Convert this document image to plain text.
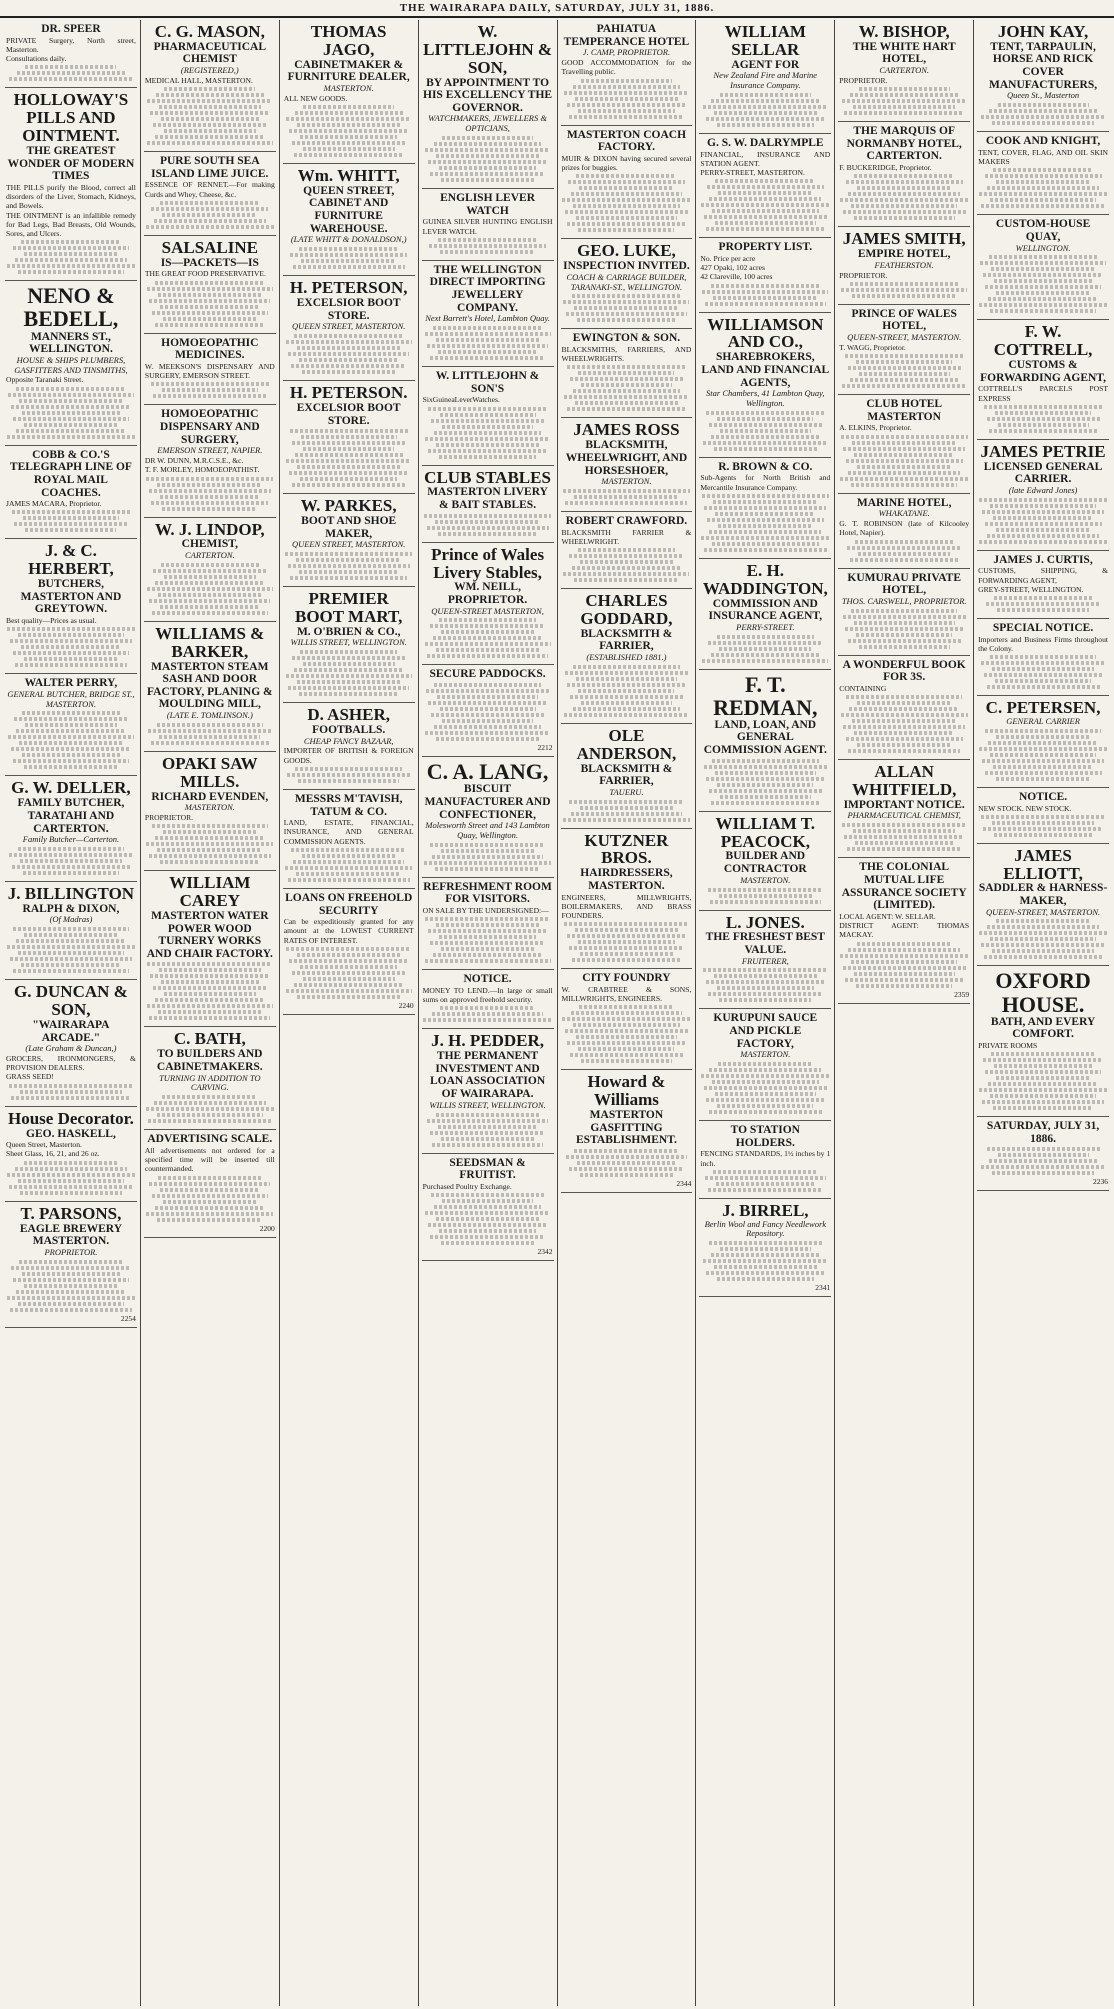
THE WAIRARAPA DAILY, SATURDAY, JULY 31, 1886.
DR. SPEER
PRIVATE Surgery, North street, Masterton.
Consultations daily.
HOLLOWAY'S PILLS AND OINTMENT.
THE GREATEST WONDER OF MODERN TIMES
THE PILLS purify the Blood, correct all disorders of the Liver, Stomach, Kidneys, and Bowels.
THE OINTMENT is an infallible remedy for Bad Legs, Bad Breasts, Old Wounds, Sores, and Ulcers.
NENO & BEDELL,
MANNERS ST., WELLINGTON.
HOUSE & SHIPS PLUMBERS, GASFITTERS AND TINSMITHS,
Opposite Taranaki Street.
COBB & CO.'S TELEGRAPH LINE OF ROYAL MAIL COACHES.
JAMES MACARA, Proprietor.
J. & C. HERBERT,
BUTCHERS, MASTERTON AND GREYTOWN.
Best quality—Prices as usual.
WALTER PERRY,
GENERAL BUTCHER, BRIDGE ST., MASTERTON.
G. W. DELLER,
FAMILY BUTCHER, TARATAHI AND CARTERTON.
Family Butcher—Carterton.
J. BILLINGTON
RALPH & DIXON,
(Of Madras)
G. DUNCAN & SON,
"WAIRARAPA ARCADE."
(Late Graham & Duncan,)
GROCERS, IRONMONGERS, & PROVISION DEALERS.
GRASS SEED!
House Decorator.
GEO. HASKELL,
Queen Street, Masterton.
Sheet Glass, 16, 21, and 26 oz.
T. PARSONS,
EAGLE BREWERY MASTERTON.
PROPRIETOR.
2254
C. G. MASON,
PHARMACEUTICAL CHEMIST
(REGISTERED,)
MEDICAL HALL, MASTERTON.
PURE SOUTH SEA ISLAND LIME JUICE.
ESSENCE OF RENNET.—For making Curds and Whey, Cheese, &c.
SALSALINE
IS—PACKETS—IS
THE GREAT FOOD PRESERVATIVE.
HOMOEOPATHIC MEDICINES.
W. MEEKSON'S DISPENSARY AND SURGERY, EMERSON STREET.
HOMOEOPATHIC DISPENSARY AND SURGERY,
EMERSON STREET, NAPIER.
DR W. DUNN, M.R.C.S.E., &c.
T. F. MORLEY, HOMOEOPATHIST.
W. J. LINDOP,
CHEMIST,
CARTERTON.
WILLIAMS & BARKER,
MASTERTON STEAM SASH AND DOOR FACTORY, PLANING & MOULDING MILL,
(LATE E. TOMLINSON.)
OPAKI SAW MILLS.
RICHARD EVENDEN,
MASTERTON.
PROPRIETOR.
WILLIAM CAREY
MASTERTON WATER POWER WOOD TURNERY WORKS AND CHAIR FACTORY.
C. BATH,
TO BUILDERS AND CABINETMAKERS.
TURNING IN ADDITION TO CARVING.
ADVERTISING SCALE.
All advertisements not ordered for a specified time will be inserted till countermanded.
2200
THOMAS JAGO,
CABINETMAKER & FURNITURE DEALER,
MASTERTON.
ALL NEW GOODS.
Wm. WHITT,
QUEEN STREET, CABINET AND FURNITURE WAREHOUSE.
(LATE WHITT & DONALDSON,)
H. PETERSON,
EXCELSIOR BOOT STORE.
QUEEN STREET, MASTERTON.
H. PETERSON.
EXCELSIOR BOOT STORE.
W. PARKES,
BOOT AND SHOE MAKER,
QUEEN STREET, MASTERTON.
PREMIER BOOT MART,
M. O'BRIEN & CO.,
WILLIS STREET, WELLINGTON.
D. ASHER,
FOOTBALLS.
CHEAP FANCY BAZAAR,
IMPORTER OF BRITISH & FOREIGN GOODS.
MESSRS M'TAVISH, TATUM & CO.
LAND, ESTATE, FINANCIAL, INSURANCE, AND GENERAL COMMISSION AGENTS.
LOANS ON FREEHOLD SECURITY
Can be expeditiously granted for any amount at the LOWEST CURRENT RATES OF INTEREST.
2240
W. LITTLEJOHN & SON,
BY APPOINTMENT TO HIS EXCELLENCY THE GOVERNOR.
WATCHMAKERS, JEWELLERS & OPTICIANS,
ENGLISH LEVER WATCH
GUINEA SILVER HUNTING ENGLISH LEVER WATCH.
THE WELLINGTON DIRECT IMPORTING JEWELLERY COMPANY.
Next Barrett's Hotel, Lambton Quay.
W. LITTLEJOHN & SON'S
SixGuineaLeverWatches.
CLUB STABLES
MASTERTON LIVERY & BAIT STABLES.
Prince of Wales Livery Stables,
WM. NEILL, PROPRIETOR.
QUEEN-STREET MASTERTON,
SECURE PADDOCKS.
2212
C. A. LANG,
BISCUIT MANUFACTURER AND CONFECTIONER,
Molesworth Street and 143 Lambton Quay, Wellington.
REFRESHMENT ROOM FOR VISITORS.
ON SALE BY THE UNDERSIGNED:—
NOTICE.
MONEY TO LEND.—In large or small sums on approved freehold security.
J. H. PEDDER,
THE PERMANENT INVESTMENT AND LOAN ASSOCIATION OF WAIRARAPA.
WILLIS STREET, WELLINGTON.
SEEDSMAN & FRUITIST.
Purchased Poultry Exchange.
2342
PAHIATUA TEMPERANCE HOTEL
J. CAMP, PROPRIETOR.
GOOD ACCOMMODATION for the Travelling public.
MASTERTON COACH FACTORY.
MUIR & DIXON having secured several prizes for buggies.
GEO. LUKE,
INSPECTION INVITED.
COACH & CARRIAGE BUILDER, TARANAKI-ST., WELLINGTON.
EWINGTON & SON.
BLACKSMITHS, FARRIERS, AND WHEELWRIGHTS.
JAMES ROSS
BLACKSMITH, WHEELWRIGHT, AND HORSESHOER,
MASTERTON.
ROBERT CRAWFORD.
BLACKSMITH FARRIER & WHEELWRIGHT.
CHARLES GODDARD,
BLACKSMITH & FARRIER,
(ESTABLISHED 1881.)
OLE ANDERSON,
BLACKSMITH & FARRIER,
TAUERU.
KUTZNER BROS.
HAIRDRESSERS, MASTERTON.
ENGINEERS, MILLWRIGHTS, BOILERMAKERS, AND BRASS FOUNDERS.
CITY FOUNDRY
W. CRABTREE & SONS, MILLWRIGHTS, ENGINEERS.
Howard & Williams
MASTERTON GASFITTING ESTABLISHMENT.
2344
WILLIAM SELLAR
AGENT FOR
New Zealand Fire and Marine Insurance Company.
G. S. W. DALRYMPLE
FINANCIAL, INSURANCE AND STATION AGENT.
PERRY-STREET, MASTERTON.
PROPERTY LIST.
No. Price per acre
427 Opaki, 102 acres
42 Clareville, 100 acres
WILLIAMSON AND CO.,
SHAREBROKERS, LAND AND FINANCIAL AGENTS,
Star Chambers, 41 Lambton Quay, Wellington.
R. BROWN & CO.
Sub-Agents for North British and Mercantile Insurance Company.
E. H. WADDINGTON,
COMMISSION AND INSURANCE AGENT,
PERRY-STREET.
F. T. REDMAN,
LAND, LOAN, AND GENERAL COMMISSION AGENT.
WILLIAM T. PEACOCK,
BUILDER AND CONTRACTOR
MASTERTON.
L. JONES.
THE FRESHEST BEST VALUE.
FRUITERER,
KURUPUNI SAUCE AND PICKLE FACTORY,
MASTERTON.
TO STATION HOLDERS.
FENCING STANDARDS, 1½ inches by 1 inch.
J. BIRREL,
Berlin Wool and Fancy Needlework Repository.
2341
W. BISHOP,
THE WHITE HART HOTEL,
CARTERTON.
PROPRIETOR.
THE MARQUIS OF NORMANBY HOTEL, CARTERTON.
F. BUCKERIDGE, Proprietor.
JAMES SMITH,
EMPIRE HOTEL,
FEATHERSTON.
PROPRIETOR.
PRINCE OF WALES HOTEL,
QUEEN-STREET, MASTERTON.
T. WAGG, Proprietor.
CLUB HOTEL MASTERTON
A. ELKINS, Proprietor.
MARINE HOTEL,
WHAKATANE.
G. T. ROBINSON (late of Kilcooley Hotel, Napier).
KUMURAU PRIVATE HOTEL,
THOS. CARSWELL, PROPRIETOR.
A WONDERFUL BOOK FOR 3S.
CONTAINING
ALLAN WHITFIELD,
IMPORTANT NOTICE.
PHARMACEUTICAL CHEMIST,
THE COLONIAL MUTUAL LIFE ASSURANCE SOCIETY (LIMITED).
LOCAL AGENT: W. SELLAR.
DISTRICT AGENT: THOMAS MACKAY.
2359
JOHN KAY,
TENT, TARPAULIN, HORSE AND RICK COVER MANUFACTURERS,
Queen St., Masterton
COOK AND KNIGHT,
TENT, COVER, FLAG, AND OIL SKIN MAKERS
CUSTOM-HOUSE QUAY,
WELLINGTON.
F. W. COTTRELL,
CUSTOMS & FORWARDING AGENT,
COTTRELL'S PARCELS POST EXPRESS
JAMES PETRIE
LICENSED GENERAL CARRIER.
(late Edward Jones)
JAMES J. CURTIS,
CUSTOMS, SHIPPING, & FORWARDING AGENT,
GREY-STREET, WELLINGTON.
SPECIAL NOTICE.
Importers and Business Firms throughout the Colony.
C. PETERSEN,
GENERAL CARRIER
NOTICE.
NEW STOCK. NEW STOCK.
JAMES ELLIOTT,
SADDLER & HARNESS-MAKER,
QUEEN-STREET, MASTERTON.
OXFORD HOUSE.
BATH, AND EVERY COMFORT.
PRIVATE ROOMS
SATURDAY, JULY 31, 1886.
2236
